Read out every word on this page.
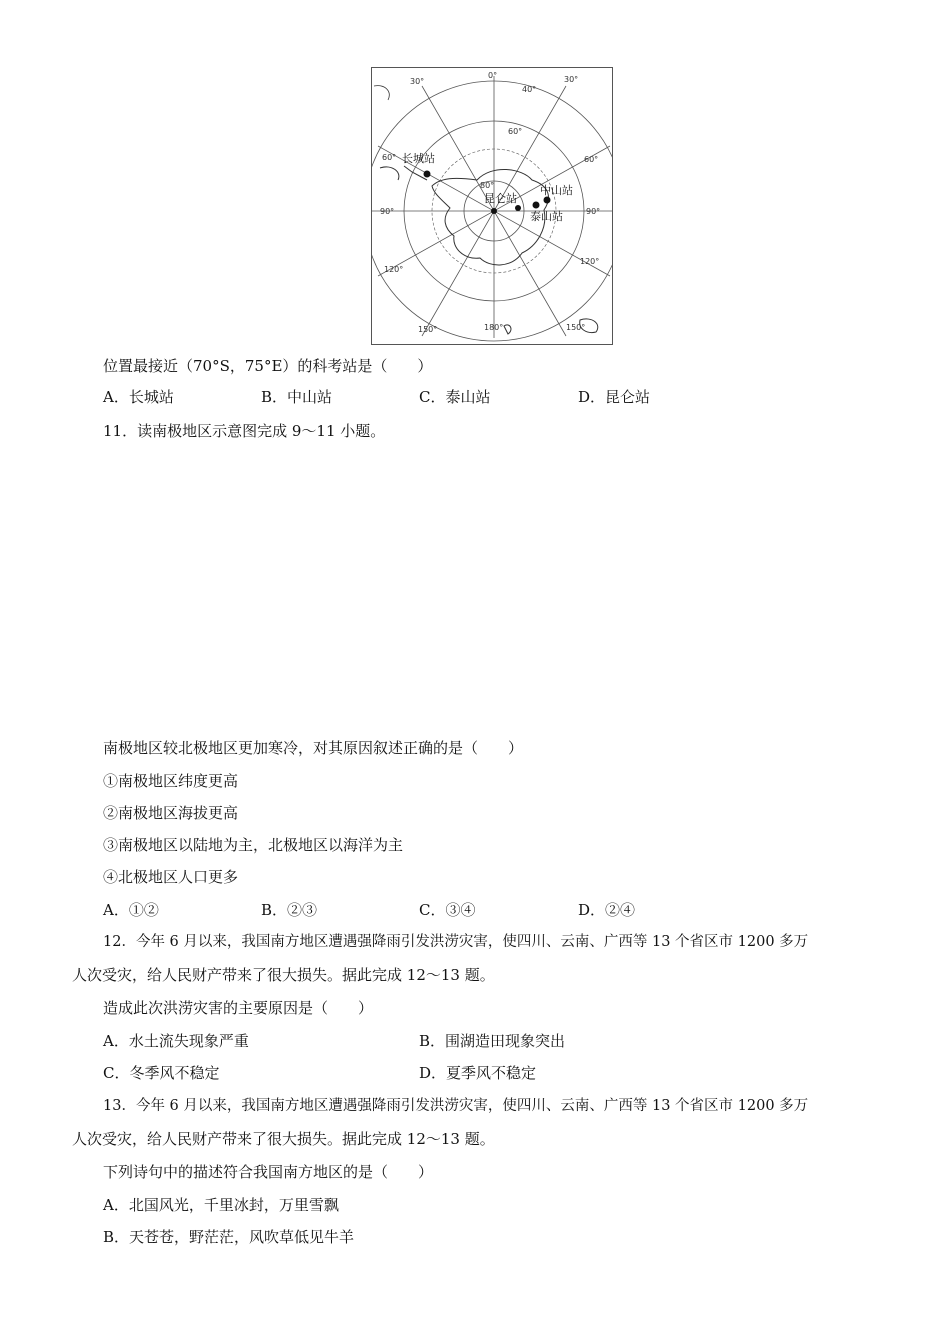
0°
30°	30°
60°	60°
90°	90°
120°
120°
150°	150°
180°
40°
60°
80°
长城站
中山站
泰山站
昆仑站
位置最接近（70°S，75°E）的科考站是（　　）
A．长城站	B．中山站	C．泰山站	D．昆仑站
11．读南极地区示意图完成 9～11 小题。
南极地区较北极地区更加寒冷，对其原因叙述正确的是（　　）
①南极地区纬度更高
②南极地区海拔更高
③南极地区以陆地为主，北极地区以海洋为主
④北极地区人口更多
A．①②	B．②③	C．③④	D．②④
12．今年 6 月以来，我国南方地区遭遇强降雨引发洪涝灾害，使四川、云南、广西等 13 个省区市 1200 多万
人次受灾，给人民财产带来了很大损失。据此完成 12～13 题。
造成此次洪涝灾害的主要原因是（　　）
A．水土流失现象严重	B．围湖造田现象突出
C．冬季风不稳定	D．夏季风不稳定
13．今年 6 月以来，我国南方地区遭遇强降雨引发洪涝灾害，使四川、云南、广西等 13 个省区市 1200 多万
人次受灾，给人民财产带来了很大损失。据此完成 12～13 题。
下列诗句中的描述符合我国南方地区的是（　　）
A．北国风光，千里冰封，万里雪飘
B．天苍苍，野茫茫，风吹草低见牛羊
